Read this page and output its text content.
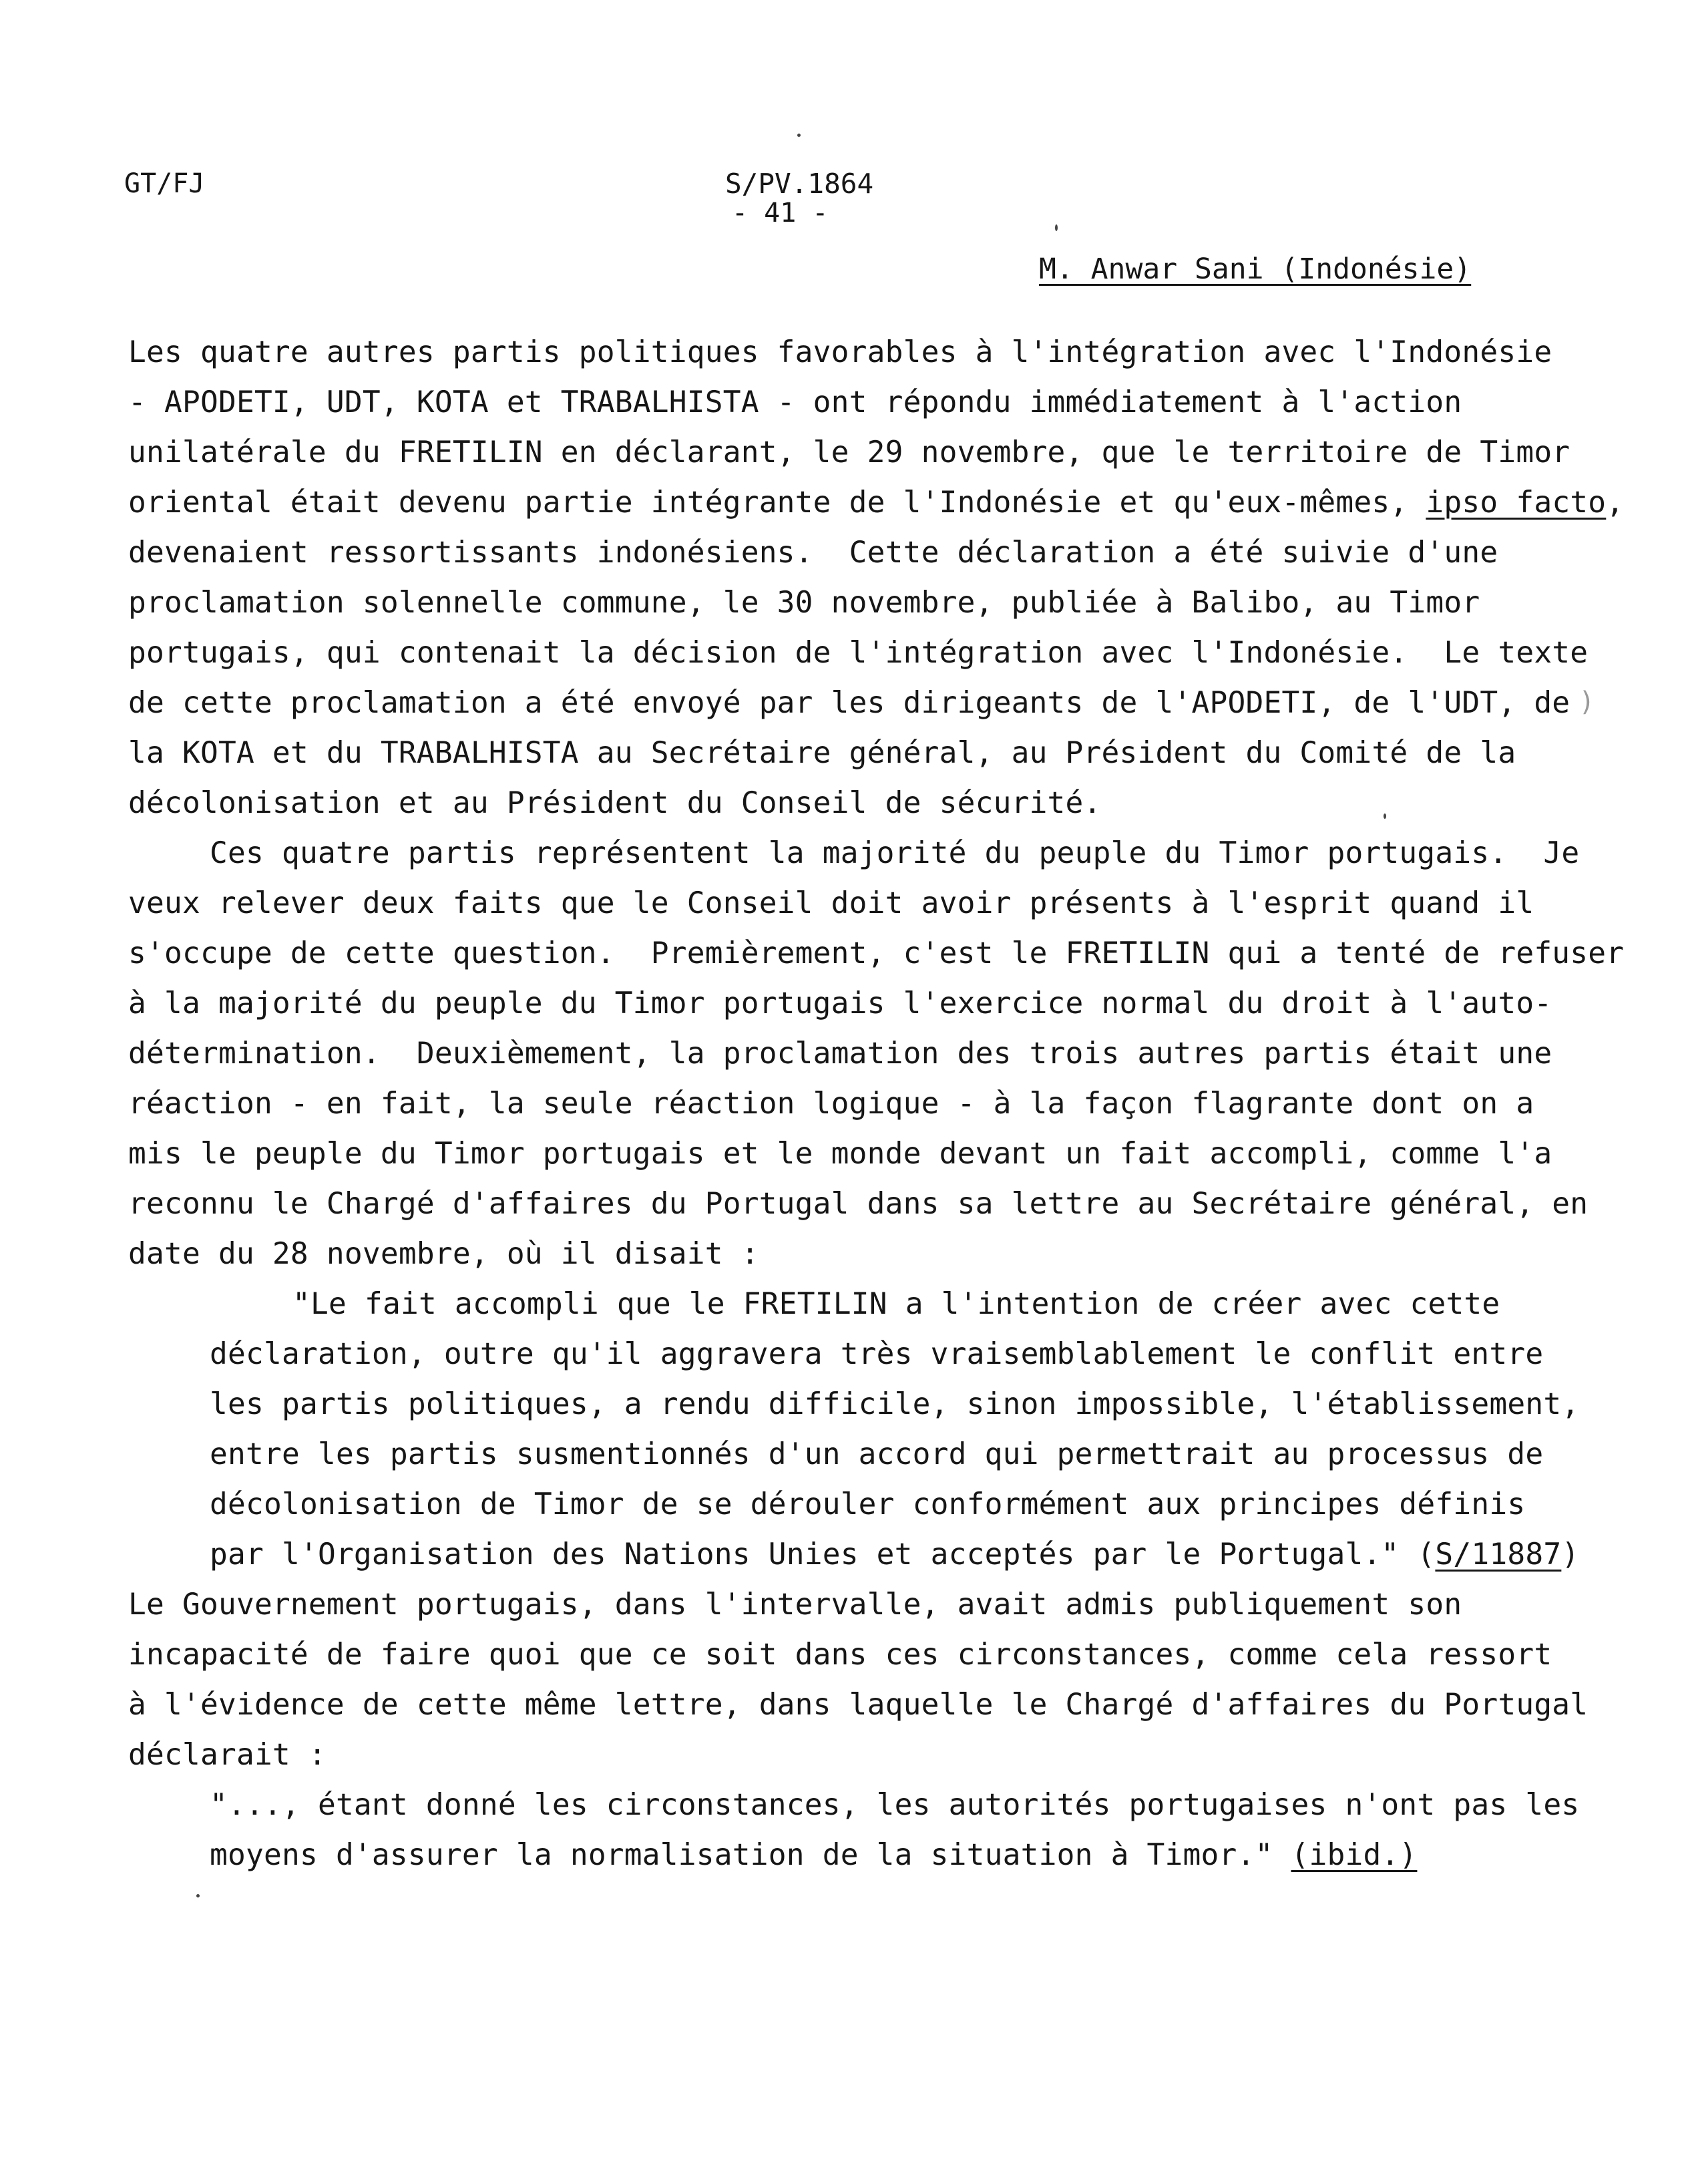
GT/FJ	S/PV.1864
- 41 -
M. Anwar Sani (Indonésie)
Les quatre autres partis politiques favorables à l'intégration avec l'Indonésie
- APODETI, UDT, KOTA et TRABALHISTA - ont répondu immédiatement à l'action
unilatérale du FRETILIN en déclarant, le 29 novembre, que le territoire de Timor
oriental était devenu partie intégrante de l'Indonésie et qu'eux-mêmes, ipso facto,
devenaient ressortissants indonésiens.  Cette déclaration a été suivie d'une
proclamation solennelle commune, le 30 novembre, publiée à Balibo, au Timor
portugais, qui contenait la décision de l'intégration avec l'Indonésie.  Le texte
de cette proclamation a été envoyé par les dirigeants de l'APODETI, de l'UDT, de
la KOTA et du TRABALHISTA au Secrétaire général, au Président du Comité de la
décolonisation et au Président du Conseil de sécurité.
Ces quatre partis représentent la majorité du peuple du Timor portugais.  Je
veux relever deux faits que le Conseil doit avoir présents à l'esprit quand il
s'occupe de cette question.  Premièrement, c'est le FRETILIN qui a tenté de refuser
à la majorité du peuple du Timor portugais l'exercice normal du droit à l'auto-
détermination.  Deuxièmement, la proclamation des trois autres partis était une
réaction - en fait, la seule réaction logique - à la façon flagrante dont on a
mis le peuple du Timor portugais et le monde devant un fait accompli, comme l'a
reconnu le Chargé d'affaires du Portugal dans sa lettre au Secrétaire général, en
date du 28 novembre, où il disait :
"Le fait accompli que le FRETILIN a l'intention de créer avec cette
déclaration, outre qu'il aggravera très vraisemblablement le conflit entre
les partis politiques, a rendu difficile, sinon impossible, l'établissement,
entre les partis susmentionnés d'un accord qui permettrait au processus de
décolonisation de Timor de se dérouler conformément aux principes définis
par l'Organisation des Nations Unies et acceptés par le Portugal." (S/11887)
Le Gouvernement portugais, dans l'intervalle, avait admis publiquement son
incapacité de faire quoi que ce soit dans ces circonstances, comme cela ressort
à l'évidence de cette même lettre, dans laquelle le Chargé d'affaires du Portugal
déclarait :
"..., étant donné les circonstances, les autorités portugaises n'ont pas les
moyens d'assurer la normalisation de la situation à Timor." (ibid.)
)
